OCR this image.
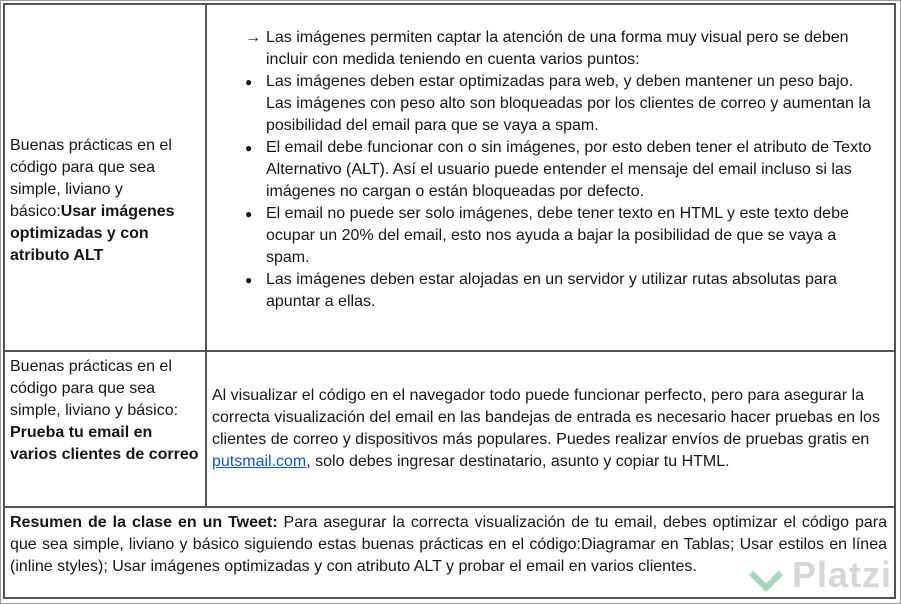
Buenas prácticas en el código para que sea simple, liviano y básico:Usar imágenes optimizadas y con atributo ALT
→ Las imágenes permiten captar la atención de una forma muy visual pero se deben incluir con medida teniendo en cuenta varios puntos:
● Las imágenes deben estar optimizadas para web, y deben mantener un peso bajo. Las imágenes con peso alto son bloqueadas por los clientes de correo y aumentan la posibilidad del email para que se vaya a spam.
● El email debe funcionar con o sin imágenes, por esto deben tener el atributo de Texto Alternativo (ALT). Así el usuario puede entender el mensaje del email incluso si las imágenes no cargan o están bloqueadas por defecto.
● El email no puede ser solo imágenes, debe tener texto en HTML y este texto debe ocupar un 20% del email, esto nos ayuda a bajar la posibilidad de que se vaya a spam.
● Las imágenes deben estar alojadas en un servidor y utilizar rutas absolutas para apuntar a ellas.
Buenas prácticas en el código para que sea simple, liviano y básico: Prueba tu email en varios clientes de correo

Al visualizar el código en el navegador todo puede funcionar perfecto, pero para asegurar la correcta visualización del email en las bandejas de entrada es necesario hacer pruebas en los clientes de correo y dispositivos más populares. Puedes realizar envíos de pruebas gratis en putsmail.com, solo debes ingresar destinatario, asunto y copiar tu HTML.

Resumen de la clase en un Tweet: Para asegurar la correcta visualización de tu email, debes optimizar el código para que sea simple, liviano y básico siguiendo estas buenas prácticas en el código:Diagramar en Tablas; Usar estilos en línea (inline styles); Usar imágenes optimizadas y con atributo ALT y probar el email en varios clientes.	Platzi
